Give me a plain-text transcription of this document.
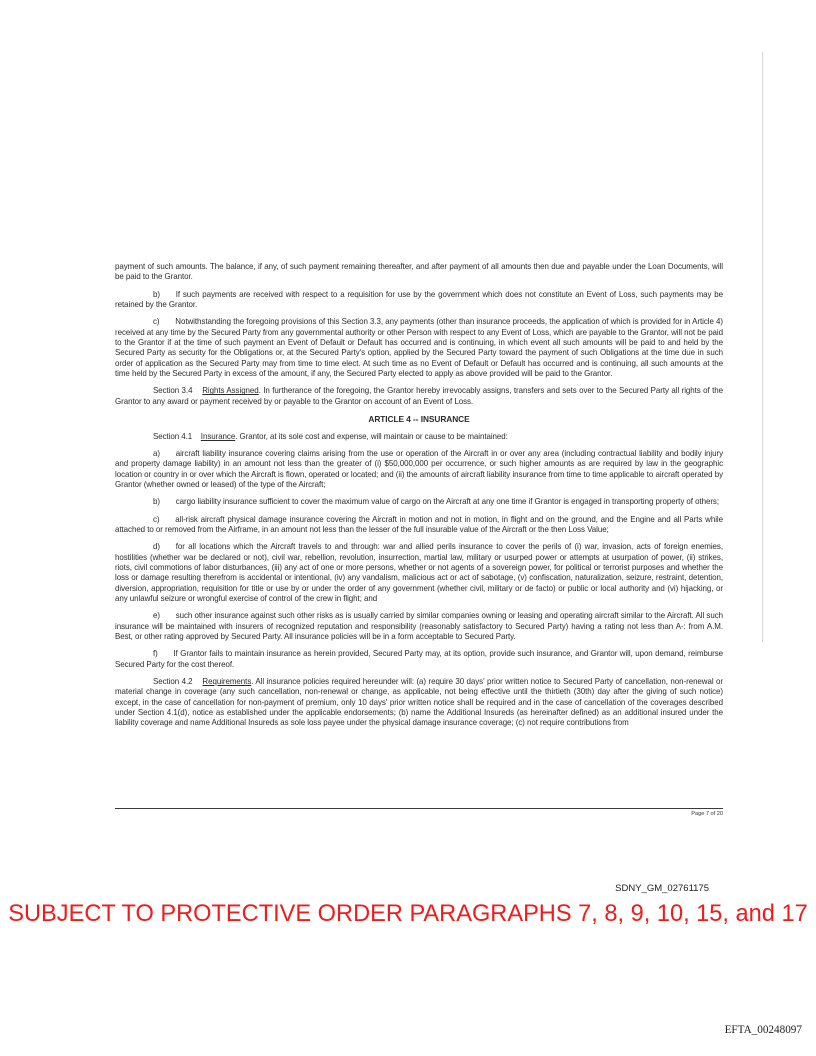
payment of such amounts. The balance, if any, of such payment remaining thereafter, and after payment of all amounts then due and payable under the Loan Documents, will be paid to the Grantor.

b)  If such payments are received with respect to a requisition for use by the government which does not constitute an Event of Loss, such payments may be retained by the Grantor.

c)  Notwithstanding the foregoing provisions of this Section 3.3, any payments (other than insurance proceeds, the application of which is provided for in Article 4) received at any time by the Secured Party from any governmental authority or other Person with respect to any Event of Loss, which are payable to the Grantor, will not be paid to the Grantor if at the time of such payment an Event of Default or Default has occurred and is continuing, in which event all such amounts will be paid to and held by the Secured Party as security for the Obligations or, at the Secured Party's option, applied by the Secured Party toward the payment of such Obligations at the time due in such order of application as the Secured Party may from time to time elect. At such time as no Event of Default or Default has occurred and is continuing, all such amounts at the time held by the Secured Party in excess of the amount, if any, the Secured Party elected to apply as above provided will be paid to the Grantor.

Section 3.4 Rights Assigned. In furtherance of the foregoing, the Grantor hereby irrevocably assigns, transfers and sets over to the Secured Party all rights of the Grantor to any award or payment received by or payable to the Grantor on account of an Event of Loss.

ARTICLE 4 -- INSURANCE

Section 4.1 Insurance. Grantor, at its sole cost and expense, will maintain or cause to be maintained:

a)  aircraft liability insurance covering claims arising from the use or operation of the Aircraft in or over any area (including contractual liability and bodily injury and property damage liability) in an amount not less than the greater of (i) $50,000,000 per occurrence, or such higher amounts as are required by law in the geographic location or country in or over which the Aircraft is flown, operated or located; and (ii) the amounts of aircraft liability insurance from time to time applicable to aircraft operated by Grantor (whether owned or leased) of the type of the Aircraft;

b)  cargo liability insurance sufficient to cover the maximum value of cargo on the Aircraft at any one time if Grantor is engaged in transporting property of others;

c)  all-risk aircraft physical damage insurance covering the Aircraft in motion and not in motion, in flight and on the ground, and the Engine and all Parts while attached to or removed from the Airframe, in an amount not less than the lesser of the full insurable value of the Aircraft or the then Loss Value;

d)  for all locations which the Aircraft travels to and through: war and allied perils insurance to cover the perils of (i) war, invasion, acts of foreign enemies, hostilities (whether war be declared or not), civil war, rebellion, revolution, insurrection, martial law, military or usurped power or attempts at usurpation of power, (ii) strikes, riots, civil commotions of labor disturbances, (iii) any act of one or more persons, whether or not agents of a sovereign power, for political or terrorist purposes and whether the loss or damage resulting therefrom is accidental or intentional, (iv) any vandalism, malicious act or act of sabotage, (v) confiscation, naturalization, seizure, restraint, detention, diversion, appropriation, requisition for title or use by or under the order of any government (whether civil, military or de facto) or public or local authority and (vi) hijacking, or any unlawful seizure or wrongful exercise of control of the crew in flight; and

e)  such other insurance against such other risks as is usually carried by similar companies owning or leasing and operating aircraft similar to the Aircraft. All such insurance will be maintained with insurers of recognized reputation and responsibility (reasonably satisfactory to Secured Party) having a rating not less than A-: from A.M. Best, or other rating approved by Secured Party. All insurance policies will be in a form acceptable to Secured Party.

f)  If Grantor fails to maintain insurance as herein provided, Secured Party may, at its option, provide such insurance, and Grantor will, upon demand, reimburse Secured Party for the cost thereof.

Section 4.2 Requirements. All insurance policies required hereunder will: (a) require 30 days' prior written notice to Secured Party of cancellation, non-renewal or material change in coverage (any such cancellation, non-renewal or change, as applicable, not being effective until the thirtieth (30th) day after the giving of such notice) except, in the case of cancellation for non-payment of premium, only 10 days' prior written notice shall be required and in the case of cancellation of the coverages described under Section 4.1(d), notice as established under the applicable endorsements; (b) name the Additional Insureds (as hereinafter defined) as an additional insured under the liability coverage and name Additional Insureds as sole loss payee under the physical damage insurance coverage; (c) not require contributions from

Page 7 of 20
SDNY_GM_02761175
SUBJECT TO PROTECTIVE ORDER PARAGRAPHS 7, 8, 9, 10, 15, and 17
EFTA_00248097
